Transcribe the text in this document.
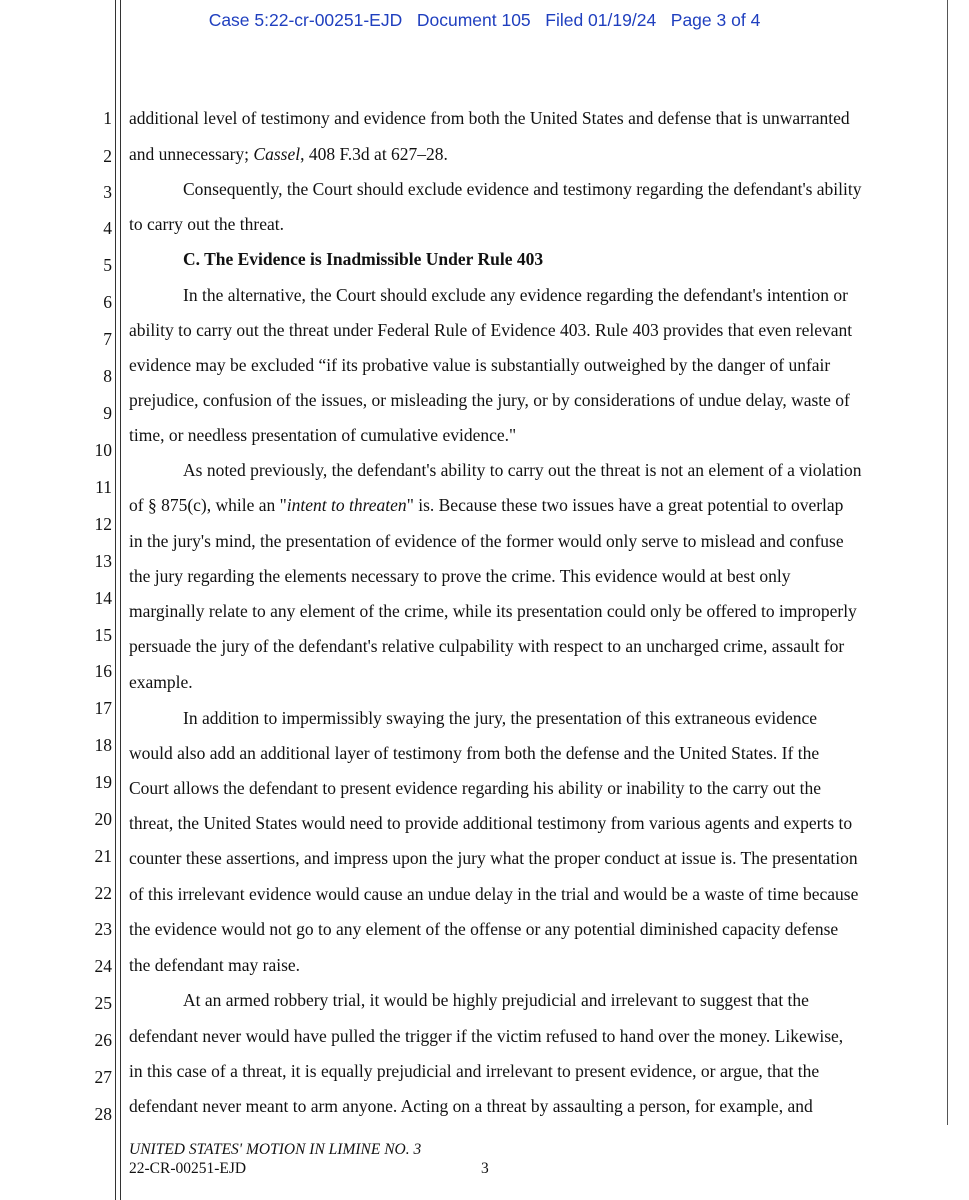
Case 5:22-cr-00251-EJD Document 105 Filed 01/19/24 Page 3 of 4
1
2
3
4
5
6
7
8
9
10
11
12
13
14
15
16
17
18
19
20
21
22
23
24
25
26
27
28
additional level of testimony and evidence from both the United States and defense that is unwarranted
and unnecessary; Cassel, 408 F.3d at 627–28.
Consequently, the Court should exclude evidence and testimony regarding the defendant's ability
to carry out the threat.
C. The Evidence is Inadmissible Under Rule 403
In the alternative, the Court should exclude any evidence regarding the defendant's intention or
ability to carry out the threat under Federal Rule of Evidence 403. Rule 403 provides that even relevant
evidence may be excluded “if its probative value is substantially outweighed by the danger of unfair
prejudice, confusion of the issues, or misleading the jury, or by considerations of undue delay, waste of
time, or needless presentation of cumulative evidence."
As noted previously, the defendant's ability to carry out the threat is not an element of a violation
of § 875(c), while an "intent to threaten" is. Because these two issues have a great potential to overlap
in the jury's mind, the presentation of evidence of the former would only serve to mislead and confuse
the jury regarding the elements necessary to prove the crime. This evidence would at best only
marginally relate to any element of the crime, while its presentation could only be offered to improperly
persuade the jury of the defendant's relative culpability with respect to an uncharged crime, assault for
example.
In addition to impermissibly swaying the jury, the presentation of this extraneous evidence
would also add an additional layer of testimony from both the defense and the United States. If the
Court allows the defendant to present evidence regarding his ability or inability to the carry out the
threat, the United States would need to provide additional testimony from various agents and experts to
counter these assertions, and impress upon the jury what the proper conduct at issue is. The presentation
of this irrelevant evidence would cause an undue delay in the trial and would be a waste of time because
the evidence would not go to any element of the offense or any potential diminished capacity defense
the defendant may raise.
At an armed robbery trial, it would be highly prejudicial and irrelevant to suggest that the
defendant never would have pulled the trigger if the victim refused to hand over the money. Likewise,
in this case of a threat, it is equally prejudicial and irrelevant to present evidence, or argue, that the
defendant never meant to arm anyone. Acting on a threat by assaulting a person, for example, and
UNITED STATES' MOTION IN LIMINE NO. 3
22-CR-00251-EJD	3
